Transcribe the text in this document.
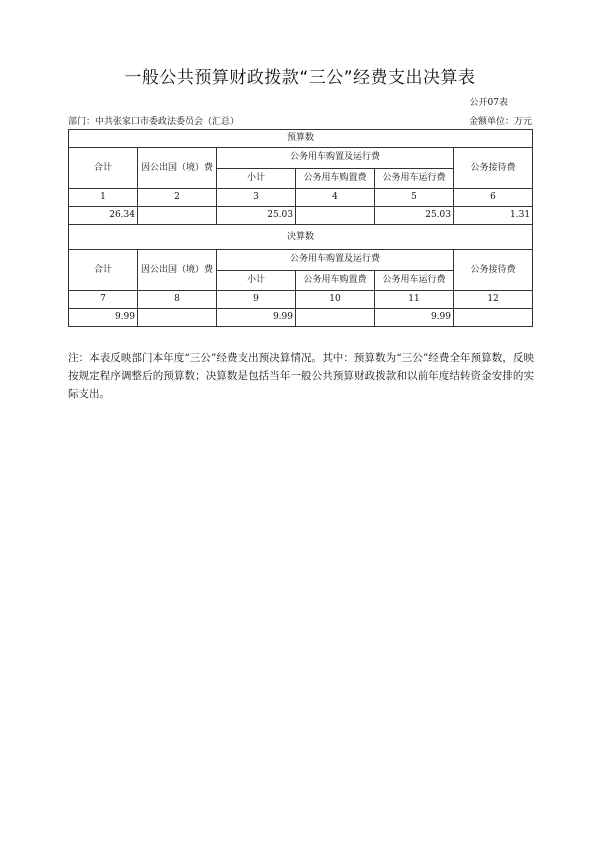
一般公共预算财政拨款“三公”经费支出决算表
公开07表
部门：中共张家口市委政法委员会（汇总）	金额单位：万元
预算数					
合计	因公出国（境）费	公务用车购置及运行费			公务接待费
		小计	公务用车购置费	公务用车运行费	
1	2	3	4	5	6
26.34		25.03		25.03	1.31
决算数					
合计	因公出国（境）费	公务用车购置及运行费			公务接待费
		小计	公务用车购置费	公务用车运行费	
7	8	9	10	11	12
9.99		9.99		9.99	
注：本表反映部门本年度“三公”经费支出预决算情况。其中：预算数为“三公”经费全年预算数，反映按规定程序调整后的预算数；决算数是包括当年一般公共预算财政拨款和以前年度结转资金安排的实际支出。
